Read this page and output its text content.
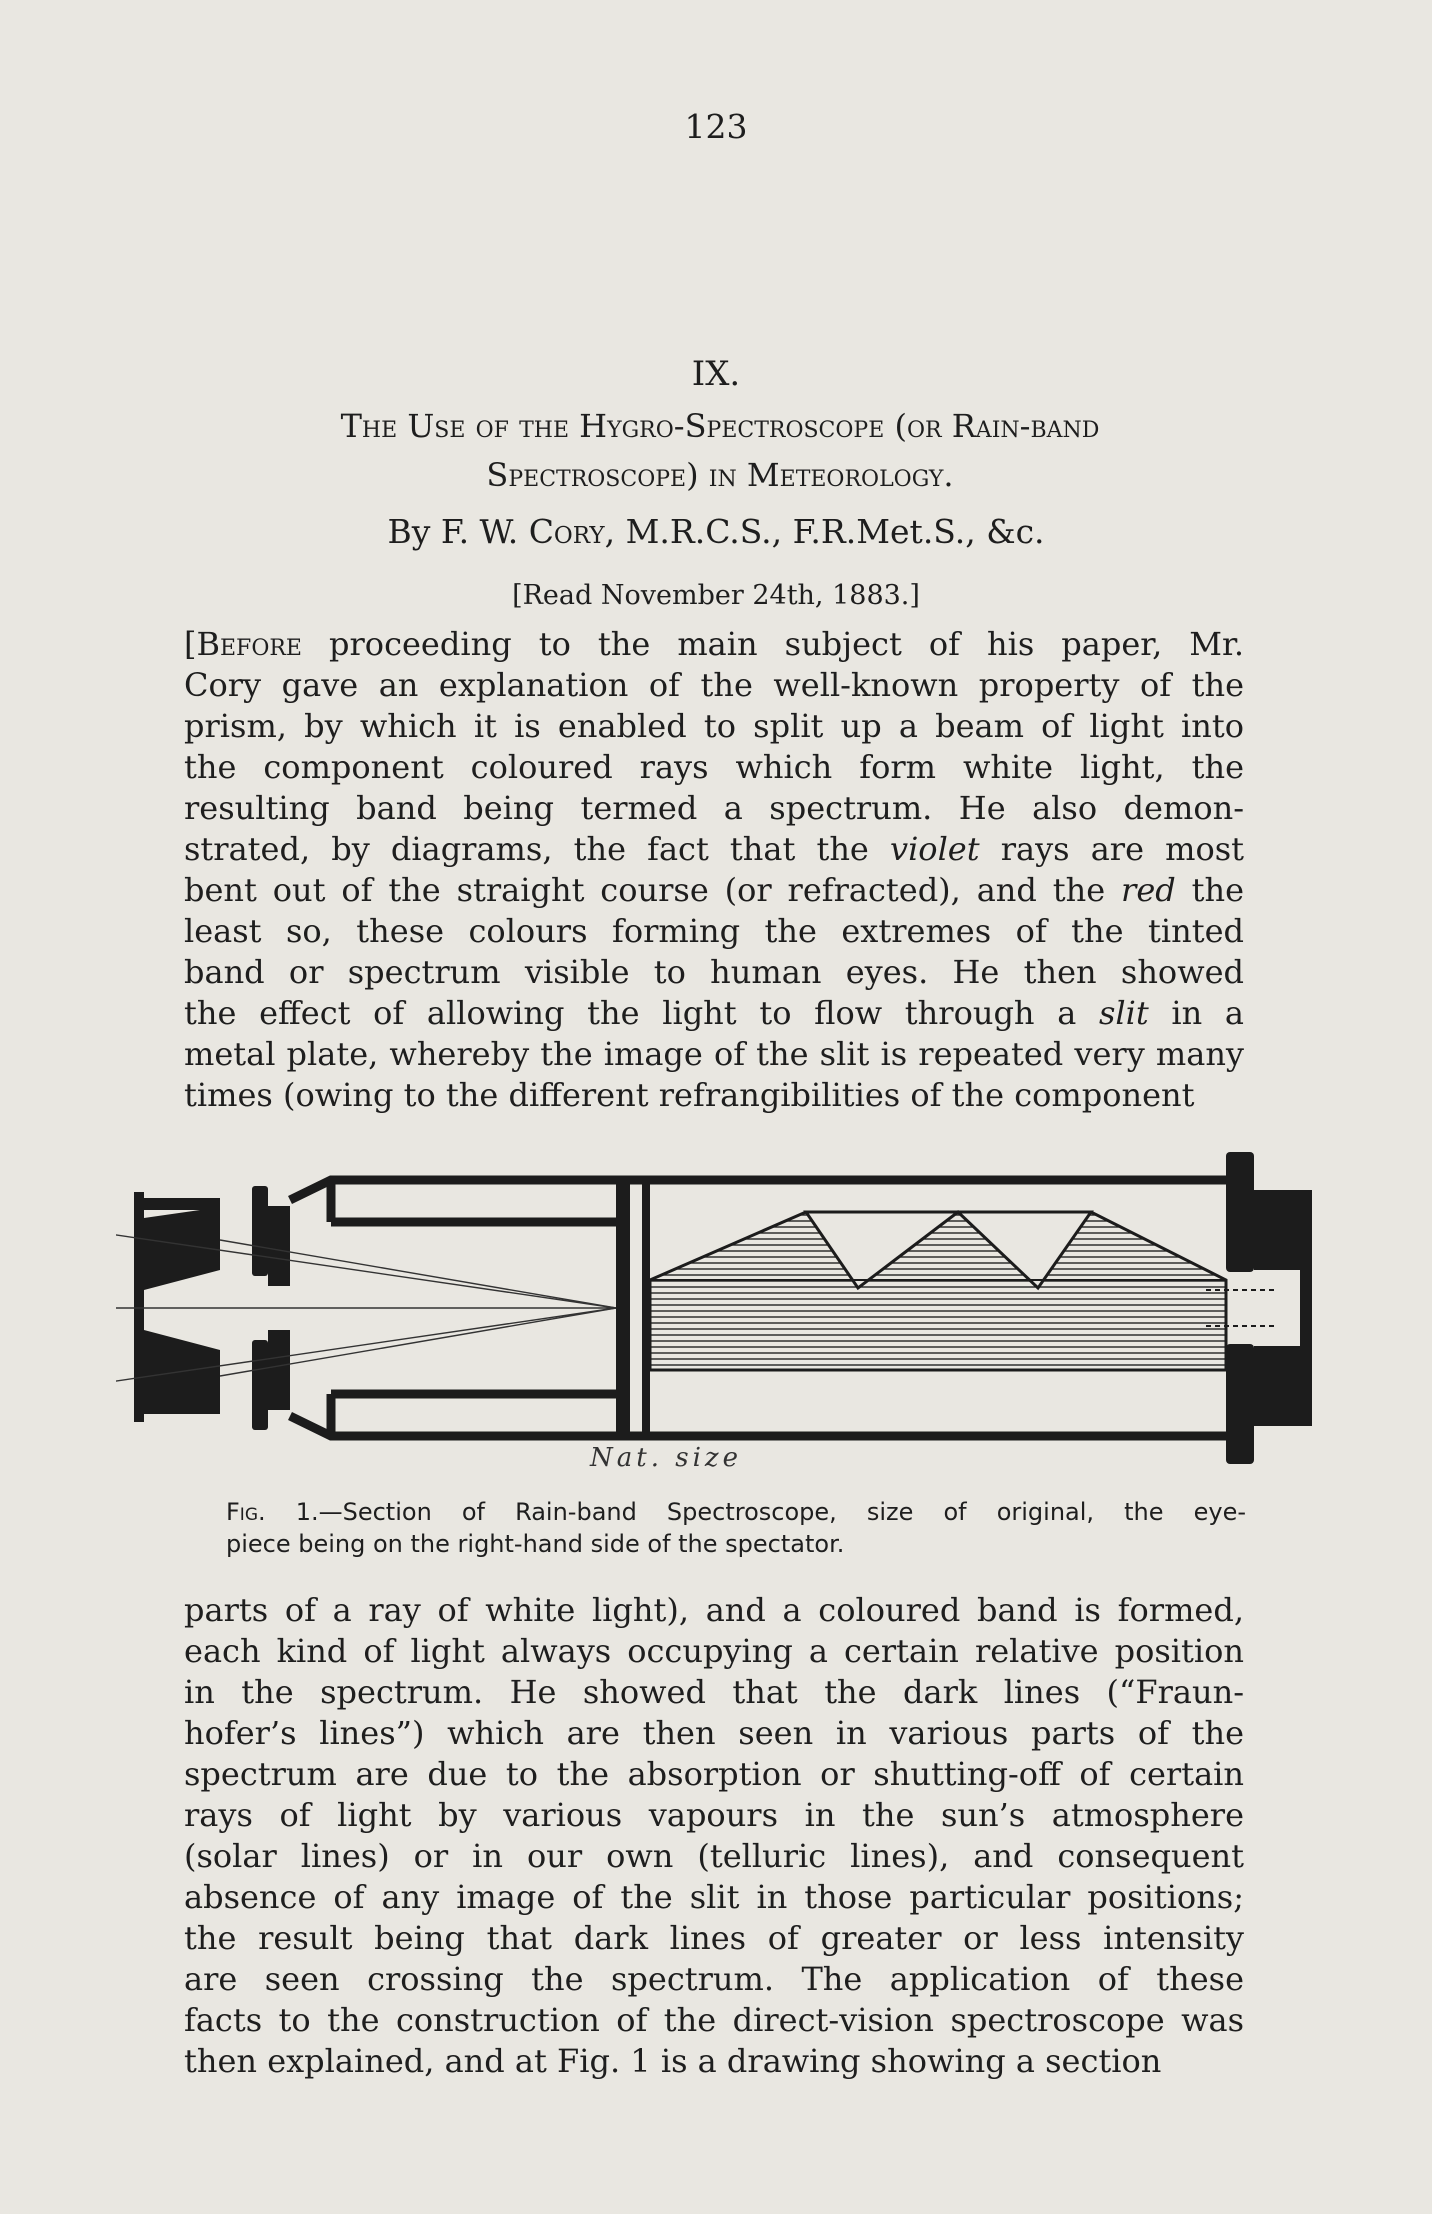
123
IX.
The Use of the Hygro-Spectroscope (or Rain-band
Spectroscope) in Meteorology.
By F. W. Cory, M.R.C.S., F.R.Met.S., &c.
[Read November 24th, 1883.]
[Before proceeding to the main subject of his paper, Mr.
Cory gave an explanation of the well-known property of the
prism, by which it is enabled to split up a beam of light into
the component coloured rays which form white light, the
resulting band being termed a spectrum. He also demon-
strated, by diagrams, the fact that the violet rays are most
bent out of the straight course (or refracted), and the red the
least so, these colours forming the extremes of the tinted
band or spectrum visible to human eyes. He then showed
the effect of allowing the light to flow through a slit in a
metal plate, whereby the image of the slit is repeated very many
times (owing to the different refrangibilities of the component
Nat. size
Fig. 1.—Section of Rain-band Spectroscope, size of original, the eye-
piece being on the right-hand side of the spectator.
parts of a ray of white light), and a coloured band is formed,
each kind of light always occupying a certain relative position
in the spectrum. He showed that the dark lines (“Fraun-
hofer’s lines”) which are then seen in various parts of the
spectrum are due to the absorption or shutting-off of certain
rays of light by various vapours in the sun’s atmosphere
(solar lines) or in our own (telluric lines), and consequent
absence of any image of the slit in those particular positions;
the result being that dark lines of greater or less intensity
are seen crossing the spectrum. The application of these
facts to the construction of the direct-vision spectroscope was
then explained, and at Fig. 1 is a drawing showing a section
